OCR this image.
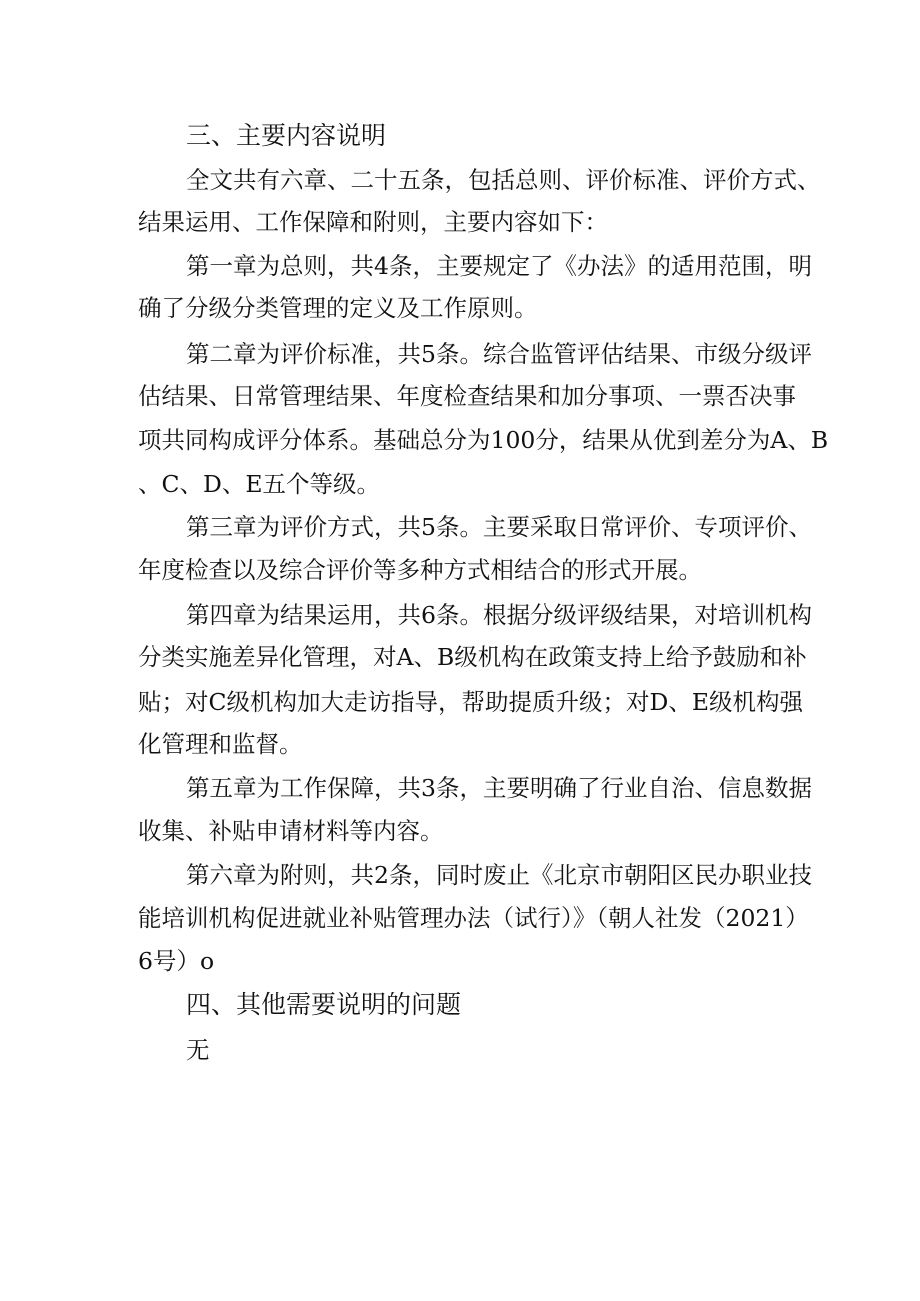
三、主要内容说明
全文共有六章、二十五条，包括总则、评价标准、评价方式、
结果运用、工作保障和附则，主要内容如下：
第一章为总则，共4条，主要规定了《办法》的适用范围，明
确了分级分类管理的定义及工作原则。
第二章为评价标准，共5条。综合监管评估结果、市级分级评
估结果、日常管理结果、年度检查结果和加分事项、一票否决事
项共同构成评分体系。基础总分为100分，结果从优到差分为A、B
、C、D、E五个等级。
第三章为评价方式，共5条。主要采取日常评价、专项评价、
年度检查以及综合评价等多种方式相结合的形式开展。
第四章为结果运用，共6条。根据分级评级结果，对培训机构
分类实施差异化管理，对A、B级机构在政策支持上给予鼓励和补
贴；对C级机构加大走访指导，帮助提质升级；对D、E级机构强
化管理和监督。
第五章为工作保障，共3条，主要明确了行业自治、信息数据
收集、补贴申请材料等内容。
第六章为附则，共2条，同时废止《北京市朝阳区民办职业技
能培训机构促进就业补贴管理办法（试行）》（朝人社发（2021）
6号）o
四、其他需要说明的问题
无
